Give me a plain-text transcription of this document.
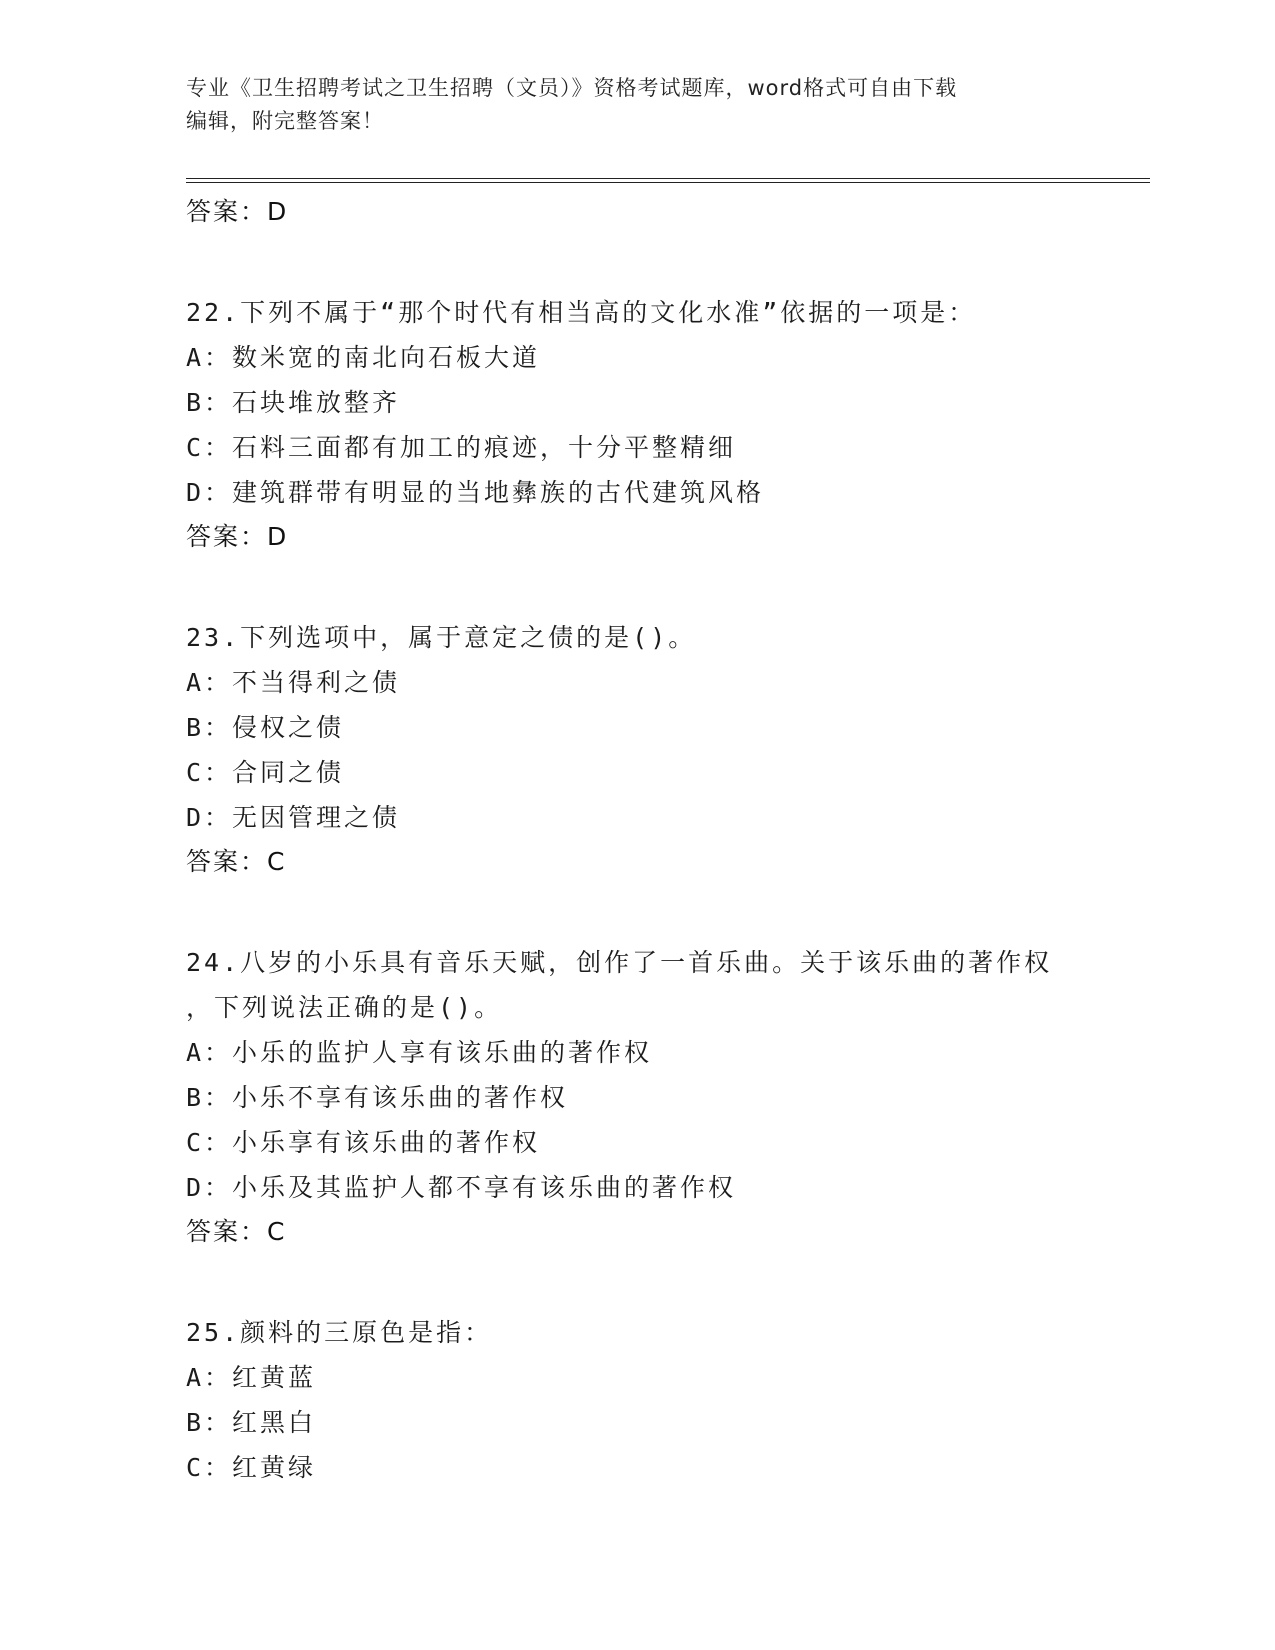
专业《卫生招聘考试之卫生招聘（文员）》资格考试题库，word格式可自由下载
编辑，附完整答案！
答案：D
22.下列不属于“那个时代有相当高的文化水准”依据的一项是：
A：数米宽的南北向石板大道
B：石块堆放整齐
C：石料三面都有加工的痕迹，十分平整精细
D：建筑群带有明显的当地彝族的古代建筑风格
答案：D
23.下列选项中，属于意定之债的是()。
A：不当得利之债
B：侵权之债
C：合同之债
D：无因管理之债
答案：C
24.八岁的小乐具有音乐天赋，创作了一首乐曲。关于该乐曲的著作权
，下列说法正确的是()。
A：小乐的监护人享有该乐曲的著作权
B：小乐不享有该乐曲的著作权
C：小乐享有该乐曲的著作权
D：小乐及其监护人都不享有该乐曲的著作权
答案：C
25.颜料的三原色是指：
A：红黄蓝
B：红黑白
C：红黄绿
